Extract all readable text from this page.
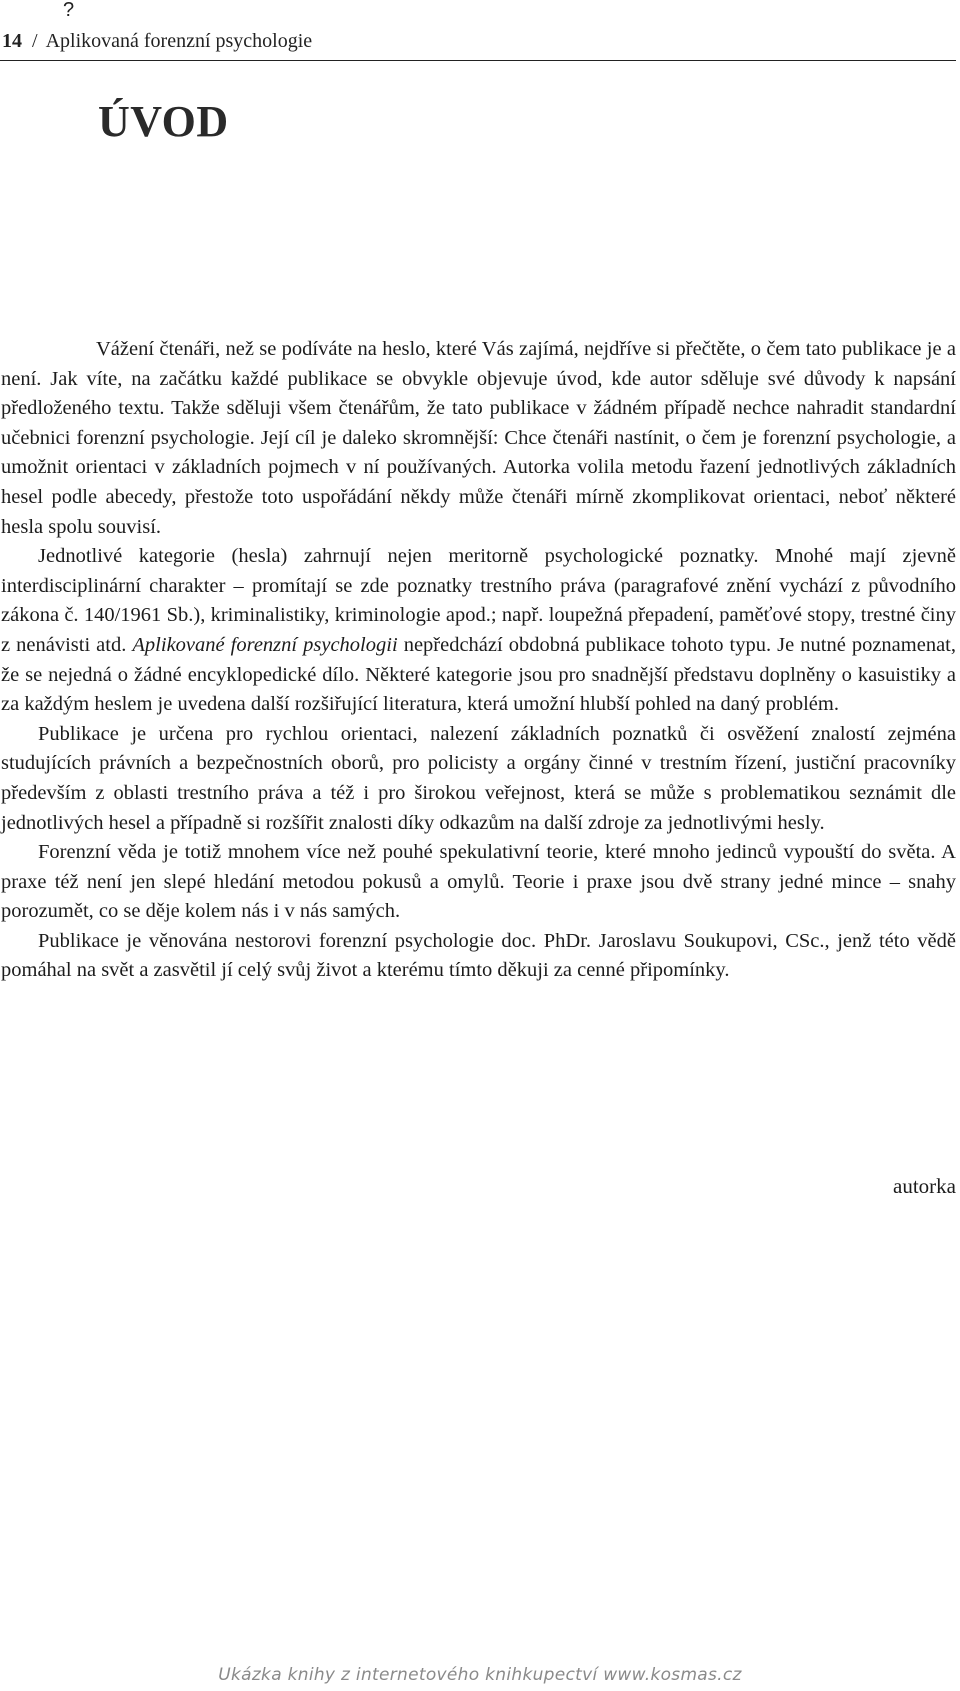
?
14 / Aplikovaná forenzní psychologie
ÚVOD

Vážení čtenáři, než se podíváte na heslo, které Vás zajímá, nejdříve si přečtěte, o čem tato publikace je a není. Jak víte, na začátku každé publikace se obvykle objevuje úvod, kde autor sděluje své důvody k napsání předloženého textu. Takže sděluji všem čtenářům, že tato publikace v žádném případě nechce nahradit standardní učebnici forenzní psychologie. Její cíl je daleko skromnější: Chce čtenáři nastínit, o čem je forenzní psychologie, a umožnit orientaci v základních pojmech v ní používaných. Autorka volila metodu řazení jednotlivých základních hesel podle abecedy, přestože toto uspořádání někdy může čtenáři mírně zkomplikovat orientaci, neboť některé hesla spolu souvisí.

Jednotlivé kategorie (hesla) zahrnují nejen meritorně psychologické poznatky. Mnohé mají zjevně interdisciplinární charakter – promítají se zde poznatky trestního práva (paragrafové znění vychází z původního zákona č. 140/1961 Sb.), kriminalistiky, kriminologie apod.; např. loupežná přepadení, paměťové stopy, trestné činy z nenávisti atd. Aplikované forenzní psychologii nepředchází obdobná publikace tohoto typu. Je nutné poznamenat, že se nejedná o žádné encyklopedické dílo. Některé kategorie jsou pro snadnější představu doplněny o kasuistiky a za každým heslem je uvedena další rozšiřující literatura, která umožní hlubší pohled na daný problém.

Publikace je určena pro rychlou orientaci, nalezení základních poznatků či osvěžení znalostí zejména studujících právních a bezpečnostních oborů, pro policisty a orgány činné v trestním řízení, justiční pracovníky především z oblasti trestního práva a též i pro širokou veřejnost, která se může s problematikou seznámit dle jednotlivých hesel a případně si rozšířit znalosti díky odkazům na další zdroje za jednotlivými hesly.

Forenzní věda je totiž mnohem více než pouhé spekulativní teorie, které mnoho jedinců vypouští do světa. A praxe též není jen slepé hledání metodou pokusů a omylů. Teorie i praxe jsou dvě strany jedné mince – snahy porozumět, co se děje kolem nás i v nás samých.

Publikace je věnována nestorovi forenzní psychologie doc. PhDr. Jaroslavu Soukupovi, CSc., jenž této vědě pomáhal na svět a zasvětil jí celý svůj život a kterému tímto děkuji za cenné připomínky.

autorka
Ukázka knihy z internetového knihkupectví www.kosmas.cz
